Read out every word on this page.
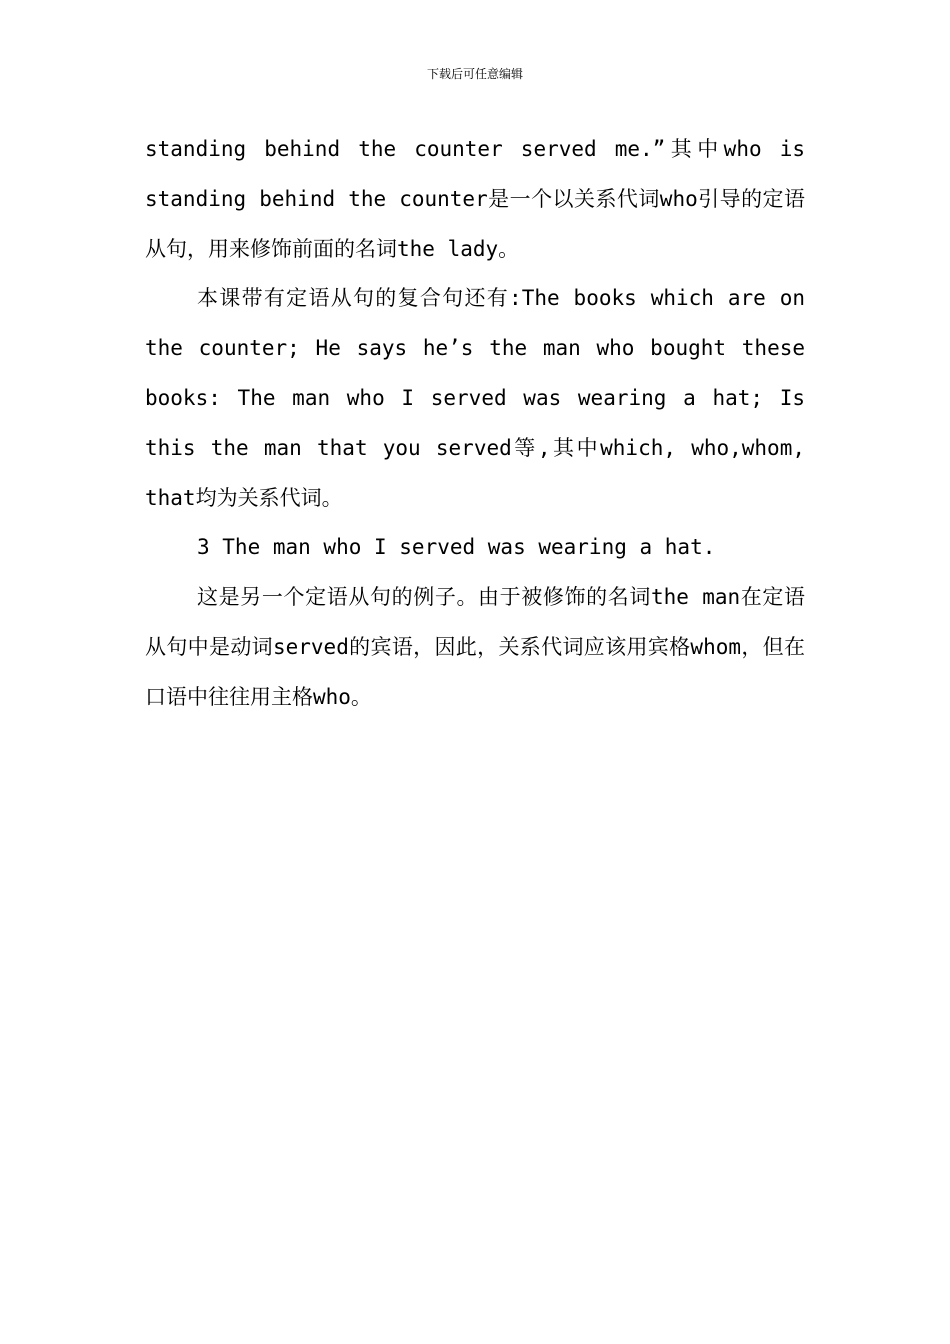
下载后可任意编辑

standing behind the counter served me.”其中who is standing behind the counter是一个以关系代词who引导的定语从句，用来修饰前面的名词the lady。

本课带有定语从句的复合句还有:The books which are on the counter; He says he’s the man who bought these books: The man who I served was wearing a hat; Is this the man that you served等,其中which, who,whom, that均为关系代词。

3 The man who I served was wearing a hat.

这是另一个定语从句的例子。由于被修饰的名词the man在定语从句中是动词served的宾语，因此，关系代词应该用宾格whom，但在口语中往往用主格who。
